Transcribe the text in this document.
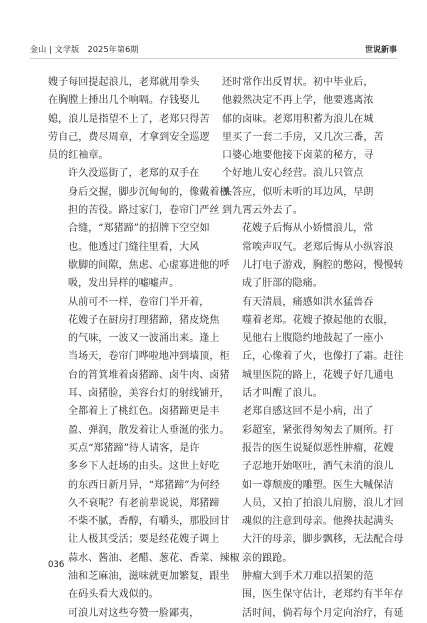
金山 | 文学版　2025年第6期	世说新事

嫂子每回提起浪儿，老郑就用拳头
在胸膛上捶出几个响嗝。存钱娶儿
媳，浪儿是指望不上了，老郑只得苦
劳自己，费尽周章，才拿到安全巡逻
员的红袖章。

许久没巡街了，老郑的双手在
身后交握，脚步沉甸甸的，像戴着枷
担的苦役。路过家门，卷帘门严丝
合缝，“郑猪蹄”的招牌下空空如
也。他透过门缝往里看，大风
歇脚的间隙，焦虑、心虚寡进他的呼
吸，发出异样的嘘嘘声。

从前可不一样，卷帘门半开着，
花嫂子在厨房打理猪蹄，猪皮烧焦
的气味，一波又一波涌出来。逢上
当场天，卷帘门哗啦地冲到墙顶，柜
台的筲箕堆着卤猪蹄、卤牛肉、卤猪
耳、卤猪脸，美容台灯的射线铺开，
全都着上了桃红色。卤猪蹄更是丰
盈、弹润，散发着让人垂涎的张力。

买点“郑猪蹄”待人请客，是许
多乡下人赶场的由头。这世上好吃
的东西日新月异，“郑猪蹄”为何经
久不衰呢？有老前辈说说，郑猪蹄
不柴不腻，香醇，有嚼头，那股回甘
让人极其受活；要是经花嫂子调上
蒜水、酱油、老醋、葱花、香菜、辣椒
油和芝麻油，滋味就更加繁复，跟坐
在码头看大戏似的。

可浪儿对这些夸赞一脸鄙夷，

还时常作出反胃状。初中毕业后，
他毅然决定不再上学，他要逃离浓
郁的卤味。老郑用积蓄为浪儿在城
里买了一套二手房，又几次三番，苦
口婆心地要他接下卤菜的秘方，寻
个好地儿安心经营。浪儿只管点
头答应，似听未听的耳边风，早朗
到九霄云外去了。

花嫂子后悔从小娇惯浪儿，常
常唉声叹气。老郑后悔从小纵容浪
儿打电子游戏，胸腔的憋闷，慢慢转
成了肝部的隐痛。

有天清晨，痛感如洪水猛兽吞
噬着老郑。花嫂子撩起他的衣服，
见他右上腹隐约地鼓起了一座小
丘，心像着了火，也像打了霜。赶往
城里医院的路上，花嫂子好几通电
话才叫醒了浪儿。

老郑自感这回不是小病，出了
彩超室，紧张得匆匆去了厕所。打
报告的医生说疑似恶性肿瘤，花嫂
子忍地开始呕吐，酒气未消的浪儿
如一尊颓废的雕塑。医生大喊保洁
人员，又拍了拍浪儿肩膀，浪儿才回
魂似的注意到母亲。他搀扶起满头
大汗的母亲，脚步飘移，无法配合母
亲的踉跄。

肿瘤大到手术刀难以招架的范
围，医生保守估计，老郑约有半年存
活时间，倘若每个月定向治疗，有延

036
